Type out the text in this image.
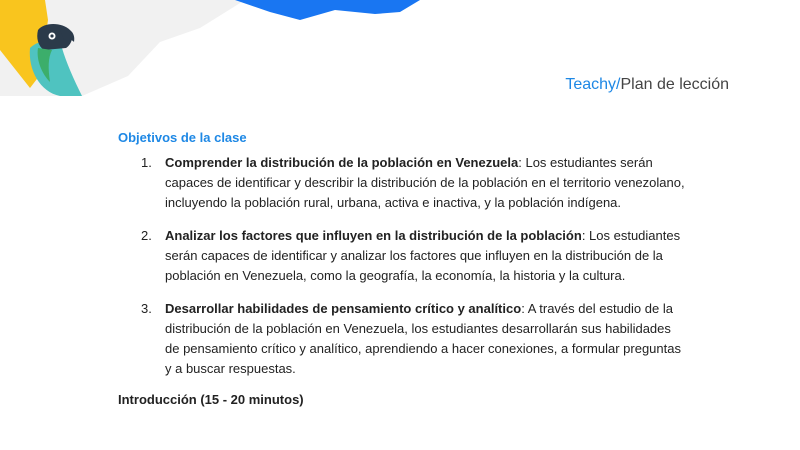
Teachy/Plan de lección
Objetivos de la clase
1. Comprender la distribución de la población en Venezuela: Los estudiantes serán capaces de identificar y describir la distribución de la población en el territorio venezolano, incluyendo la población rural, urbana, activa e inactiva, y la población indígena.
2. Analizar los factores que influyen en la distribución de la población: Los estudiantes serán capaces de identificar y analizar los factores que influyen en la distribución de la población en Venezuela, como la geografía, la economía, la historia y la cultura.
3. Desarrollar habilidades de pensamiento crítico y analítico: A través del estudio de la distribución de la población en Venezuela, los estudiantes desarrollarán sus habilidades de pensamiento crítico y analítico, aprendiendo a hacer conexiones, a formular preguntas y a buscar respuestas.
Introducción (15 - 20 minutos)
